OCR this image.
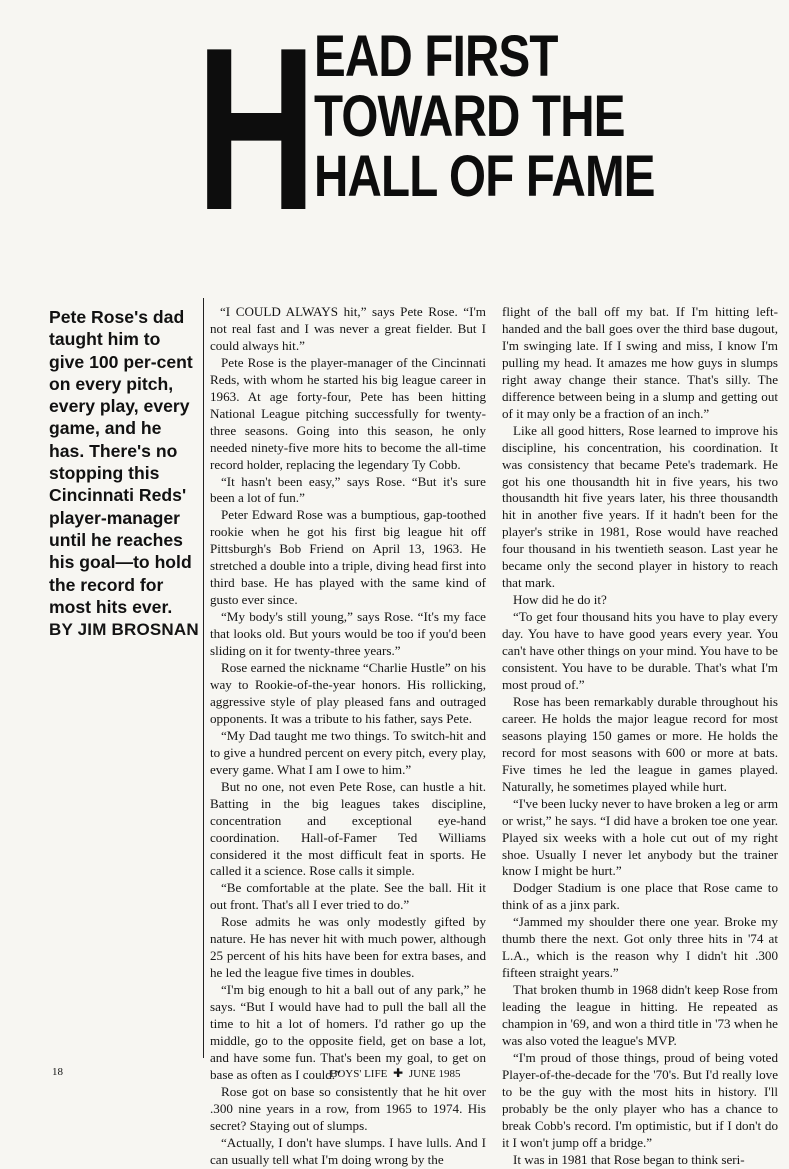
H EAD FIRST
TOWARD THE
HALL OF FAME
Pete Rose's dad taught him to give 100 per-cent on every pitch, every play, every game, and he has. There's no stopping this Cincinnati Reds' player-manager until he reaches his goal—to hold the record for most hits ever.
BY JIM BROSNAN

“I COULD ALWAYS hit,” says Pete Rose. “I'm not real fast and I was never a great fielder. But I could always hit.”

Pete Rose is the player-manager of the Cincinnati Reds, with whom he started his big league career in 1963. At age forty-four, Pete has been hitting National League pitching successfully for twenty-three seasons. Going into this season, he only needed ninety-five more hits to become the all-time record holder, replacing the legendary Ty Cobb.

“It hasn't been easy,” says Rose. “But it's sure been a lot of fun.”

Peter Edward Rose was a bumptious, gap-toothed rookie when he got his first big league hit off Pittsburgh's Bob Friend on April 13, 1963. He stretched a double into a triple, diving head first into third base. He has played with the same kind of gusto ever since.

“My body's still young,” says Rose. “It's my face that looks old. But yours would be too if you'd been sliding on it for twenty-three years.”

Rose earned the nickname “Charlie Hustle” on his way to Rookie-of-the-year honors. His rollicking, aggressive style of play pleased fans and outraged opponents. It was a tribute to his father, says Pete.

“My Dad taught me two things. To switch-hit and to give a hundred percent on every pitch, every play, every game. What I am I owe to him.”

But no one, not even Pete Rose, can hustle a hit. Batting in the big leagues takes discipline, concentration and exceptional eye-hand coordination. Hall-of-Famer Ted Williams considered it the most difficult feat in sports. He called it a science. Rose calls it simple.

“Be comfortable at the plate. See the ball. Hit it out front. That's all I ever tried to do.”

Rose admits he was only modestly gifted by nature. He has never hit with much power, although 25 percent of his hits have been for extra bases, and he led the league five times in doubles.

“I'm big enough to hit a ball out of any park,” he says. “But I would have had to pull the ball all the time to hit a lot of homers. I'd rather go up the middle, go to the opposite field, get on base a lot, and have some fun. That's been my goal, to get on base as often as I could.”

Rose got on base so consistently that he hit over .300 nine years in a row, from 1965 to 1974. His secret? Staying out of slumps.

“Actually, I don't have slumps. I have lulls. And I can usually tell what I'm doing wrong by the

flight of the ball off my bat. If I'm hitting left-handed and the ball goes over the third base dugout, I'm swinging late. If I swing and miss, I know I'm pulling my head. It amazes me how guys in slumps right away change their stance. That's silly. The difference between being in a slump and getting out of it may only be a fraction of an inch.”

Like all good hitters, Rose learned to improve his discipline, his concentration, his coordination. It was consistency that became Pete's trademark. He got his one thousandth hit in five years, his two thousandth hit five years later, his three thousandth hit in another five years. If it hadn't been for the player's strike in 1981, Rose would have reached four thousand in his twentieth season. Last year he became only the second player in history to reach that mark.

How did he do it?

“To get four thousand hits you have to play every day. You have to have good years every year. You can't have other things on your mind. You have to be consistent. You have to be durable. That's what I'm most proud of.”

Rose has been remarkably durable throughout his career. He holds the major league record for most seasons playing 150 games or more. He holds the record for most seasons with 600 or more at bats. Five times he led the league in games played. Naturally, he sometimes played while hurt.

“I've been lucky never to have broken a leg or arm or wrist,” he says. “I did have a broken toe one year. Played six weeks with a hole cut out of my right shoe. Usually I never let anybody but the trainer know I might be hurt.”

Dodger Stadium is one place that Rose came to think of as a jinx park.

“Jammed my shoulder there one year. Broke my thumb there the next. Got only three hits in '74 at L.A., which is the reason why I didn't hit .300 fifteen straight years.”

That broken thumb in 1968 didn't keep Rose from leading the league in hitting. He repeated as champion in '69, and won a third title in '73 when he was also voted the league's MVP.

“I'm proud of those things, proud of being voted Player-of-the-decade for the '70's. But I'd really love to be the guy with the most hits in history. I'll probably be the only player who has a chance to break Cobb's record. I'm optimistic, but if I don't do it I won't jump off a bridge.”

It was in 1981 that Rose began to think seri-

18	BOYS' LIFE ✚ JUNE 1985
